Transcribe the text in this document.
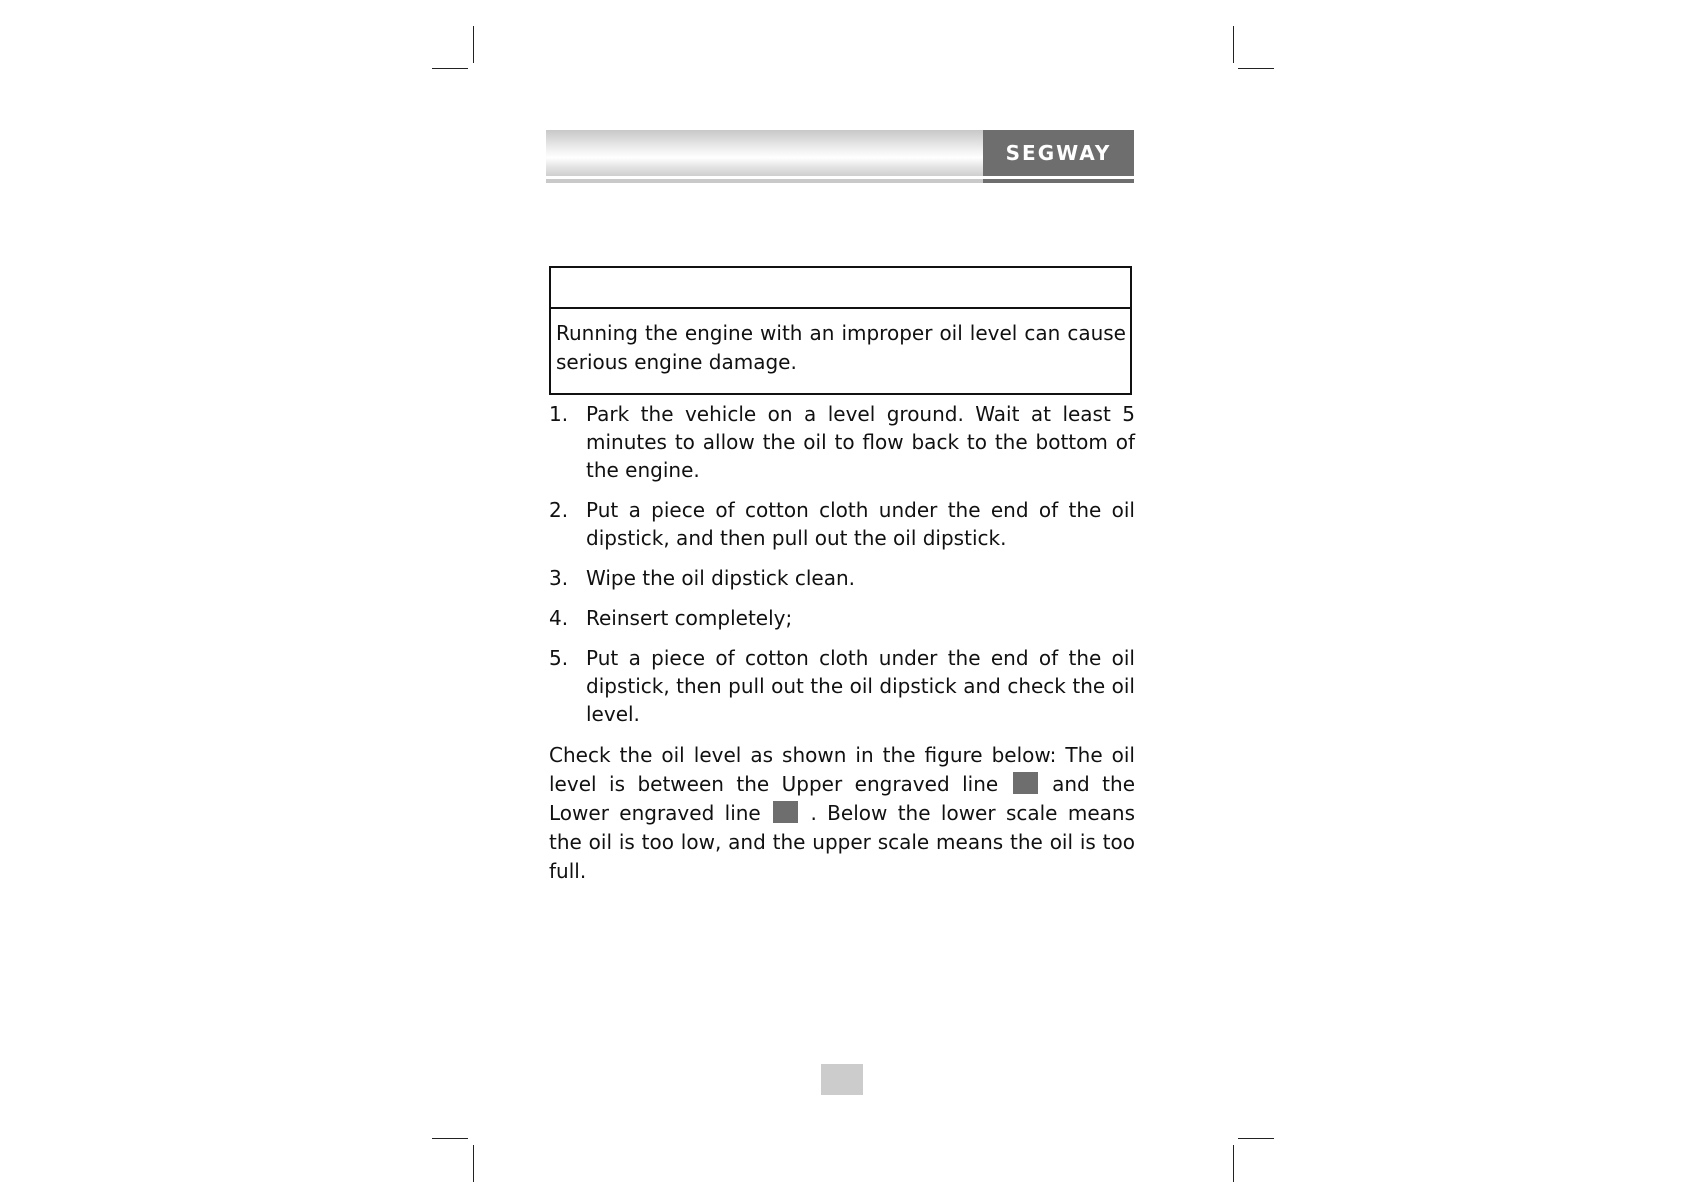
SEGWAY
Running the engine with an improper oil level can cause serious engine damage.
1. Park the vehicle on a level ground. Wait at least 5 minutes to allow the oil to flow back to the bottom of the engine.
2. Put a piece of cotton cloth under the end of the oil dipstick, and then pull out the oil dipstick.
3. Wipe the oil dipstick clean.
4. Reinsert completely;
5. Put a piece of cotton cloth under the end of the oil dipstick, then pull out the oil dipstick and check the oil level.

Check the oil level as shown in the figure below: The oil level is between the Upper engraved line  and the Lower engraved line  . Below the lower scale means the oil is too low, and the upper scale means the oil is too full.
